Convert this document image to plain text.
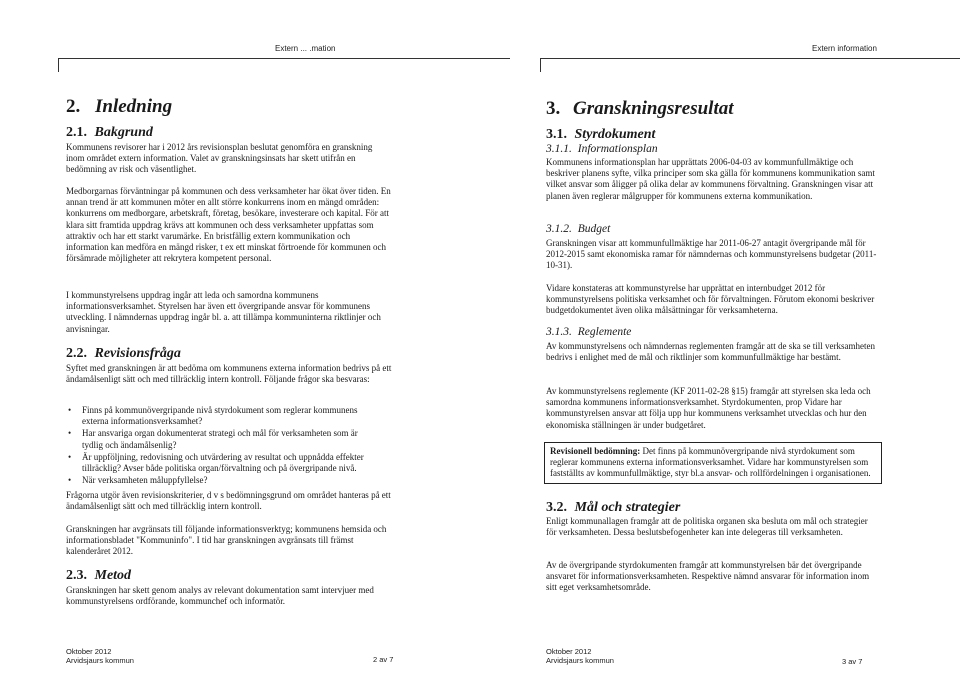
Extern ... .mation
2. Inledning
2.1. Bakgrund

Kommunens revisorer har i 2012 års revisionsplan beslutat genomföra en granskning inom området extern information. Valet av granskningsinsats har skett utifrån en bedömning av risk och väsentlighet.

Medborgarnas förväntningar på kommunen och dess verksamheter har ökat över tiden. En annan trend är att kommunen möter en allt större konkurrens inom en mängd områden: konkurrens om medborgare, arbetskraft, företag, besökare, investerare och kapital. För att klara sitt framtida uppdrag krävs att kommunen och dess verksamheter uppfattas som attraktiv och har ett starkt varumärke. En bristfällig extern kommunikation och information kan medföra en mängd risker, t ex ett minskat förtroende för kommunen och försämrade möjligheter att rekrytera kompetent personal.

I kommunstyrelsens uppdrag ingår att leda och samordna kommunens informationsverksamhet. Styrelsen har även ett övergripande ansvar för kommunens utveckling. I nämndernas uppdrag ingår bl. a. att tillämpa kommuninterna riktlinjer och anvisningar.

2.2. Revisionsfråga

Syftet med granskningen är att bedöma om kommunens externa information bedrivs på ett ändamålsenligt sätt och med tillräcklig intern kontroll. Följande frågor ska besvaras:

• Finns på kommunövergripande nivå styrdokument som reglerar kommunens externa informationsverksamhet?
• Har ansvariga organ dokumenterat strategi och mål för verksamheten som är tydlig och ändamålsenlig?
• Är uppföljning, redovisning och utvärdering av resultat och uppnådda effekter tillräcklig? Avser både politiska organ/förvaltning och på övergripande nivå.
• När verksamheten måluppfyllelse?

Frågorna utgör även revisionskriterier, d v s bedömningsgrund om området hanteras på ett ändamålsenligt sätt och med tillräcklig intern kontroll.

Granskningen har avgränsats till följande informationsverktyg; kommunens hemsida och informationsbladet "Kommuninfo". I tid har granskningen avgränsats till främst kalenderåret 2012.

2.3. Metod

Granskningen har skett genom analys av relevant dokumentation samt intervjuer med kommunstyrelsens ordförande, kommunchef och informatör.

Oktober 2012
Arvidsjaurs kommun	2 av 7
Extern information
3. Granskningsresultat
3.1. Styrdokument
3.1.1. Informationsplan

Kommunens informationsplan har upprättats 2006-04-03 av kommunfullmäktige och beskriver planens syfte, vilka principer som ska gälla för kommunens kommunikation samt vilket ansvar som åligger på olika delar av kommunens förvaltning. Granskningen visar att planen även reglerar målgrupper för kommunens externa kommunikation.

3.1.2. Budget

Granskningen visar att kommunfullmäktige har 2011-06-27 antagit övergripande mål för 2012-2015 samt ekonomiska ramar för nämndernas och kommunstyrelsens budgetar (2011-10-31).

Vidare konstateras att kommunstyrelse har upprättat en internbudget 2012 för kommunstyrelsens politiska verksamhet och för förvaltningen. Förutom ekonomi beskriver budgetdokumentet även olika målsättningar för verksamheterna.

3.1.3. Reglemente

Av kommunstyrelsens och nämndernas reglementen framgår att de ska se till verksamheten bedrivs i enlighet med de mål och riktlinjer som kommunfullmäktige har bestämt.

Av kommunstyrelsens reglemente (KF 2011-02-28 §15) framgår att styrelsen ska leda och samordna kommunens informationsverksamhet. Styrdokumenten, prop Vidare har kommunstyrelsen ansvar att följa upp hur kommunens verksamhet utvecklas och hur den ekonomiska ställningen är under budgetåret.

Revisionell bedömning: Det finns på kommunövergripande nivå styrdokument som reglerar kommunens externa informationsverksamhet. Vidare har kommunstyrelsen som fastställts av kommunfullmäktige, styr bl.a ansvar- och rollfördelningen i organisationen.
3.2. Mål och strategier

Enligt kommunallagen framgår att de politiska organen ska besluta om mål och strategier för verksamheten. Dessa beslutsbefogenheter kan inte delegeras till verksamheten.

Av de övergripande styrdokumenten framgår att kommunstyrelsen bär det övergripande ansvaret för informationsverksamheten. Respektive nämnd ansvarar för information inom sitt eget verksamhetsområde.

Oktober 2012
Arvidsjaurs kommun	3 av 7
